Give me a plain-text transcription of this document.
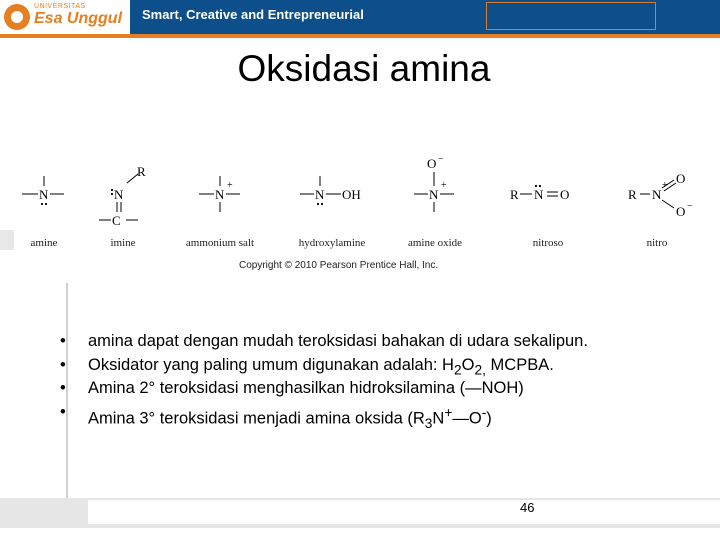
UNIVERSITAS
Esa Unggul Smart, Creative and Entrepreneurial
Oksidasi amina
N
R
N
C
N
+
N OH
O −
N
+
R N O	R N
+ O
O −
amine	imine	ammonium salt	hydroxylamine	amine oxide	nitroso	nitro
Copyright © 2010 Pearson Prentice Hall, Inc.
• amina dapat dengan mudah teroksidasi bahakan di udara sekalipun.
• Oksidator yang paling umum digunakan adalah: $H_2O_{2,}$ MCPBA.
• Amina 2° teroksidasi menghasilkan hidroksilamina (—NOH)
• Amina 3° teroksidasi menjadi amina oksida $(R_3N^+—O^-)$
46
